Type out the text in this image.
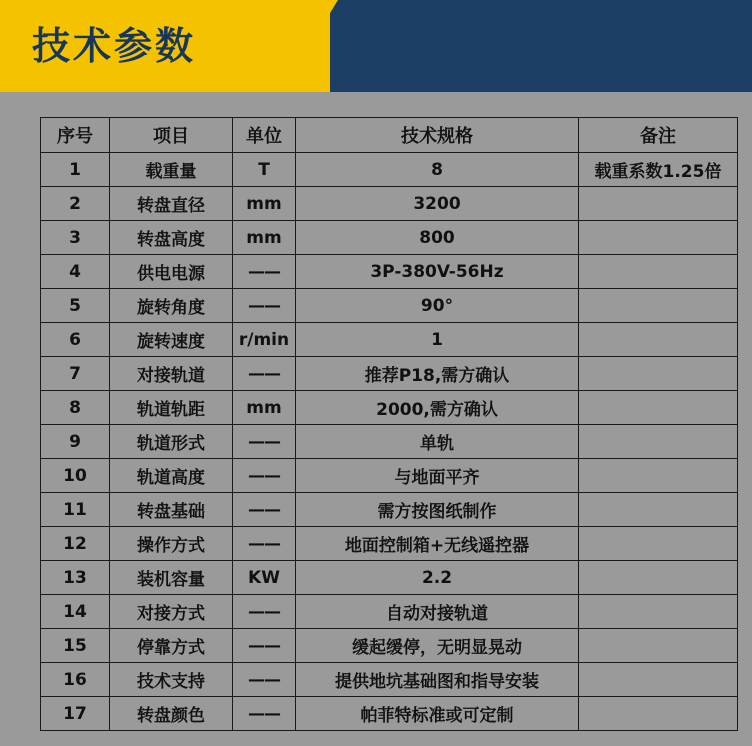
技术参数
序号	项目	单位	技术规格	备注
1	载重量	T	8	载重系数1.25倍
2	转盘直径	mm	3200	
3	转盘高度	mm	800	
4	供电电源	——	3P-380V-56Hz	
5	旋转角度	——	90°	
6	旋转速度	r/min	1	
7	对接轨道	——	推荐P18,需方确认	
8	轨道轨距	mm	2000,需方确认	
9	轨道形式	——	单轨	
10	轨道高度	——	与地面平齐	
11	转盘基础	——	需方按图纸制作	
12	操作方式	——	地面控制箱+无线遥控器	
13	装机容量	KW	2.2	
14	对接方式	——	自动对接轨道	
15	停靠方式	——	缓起缓停，无明显晃动	
16	技术支持	——	提供地坑基础图和指导安装	
17	转盘颜色	——	帕菲特标准或可定制	
